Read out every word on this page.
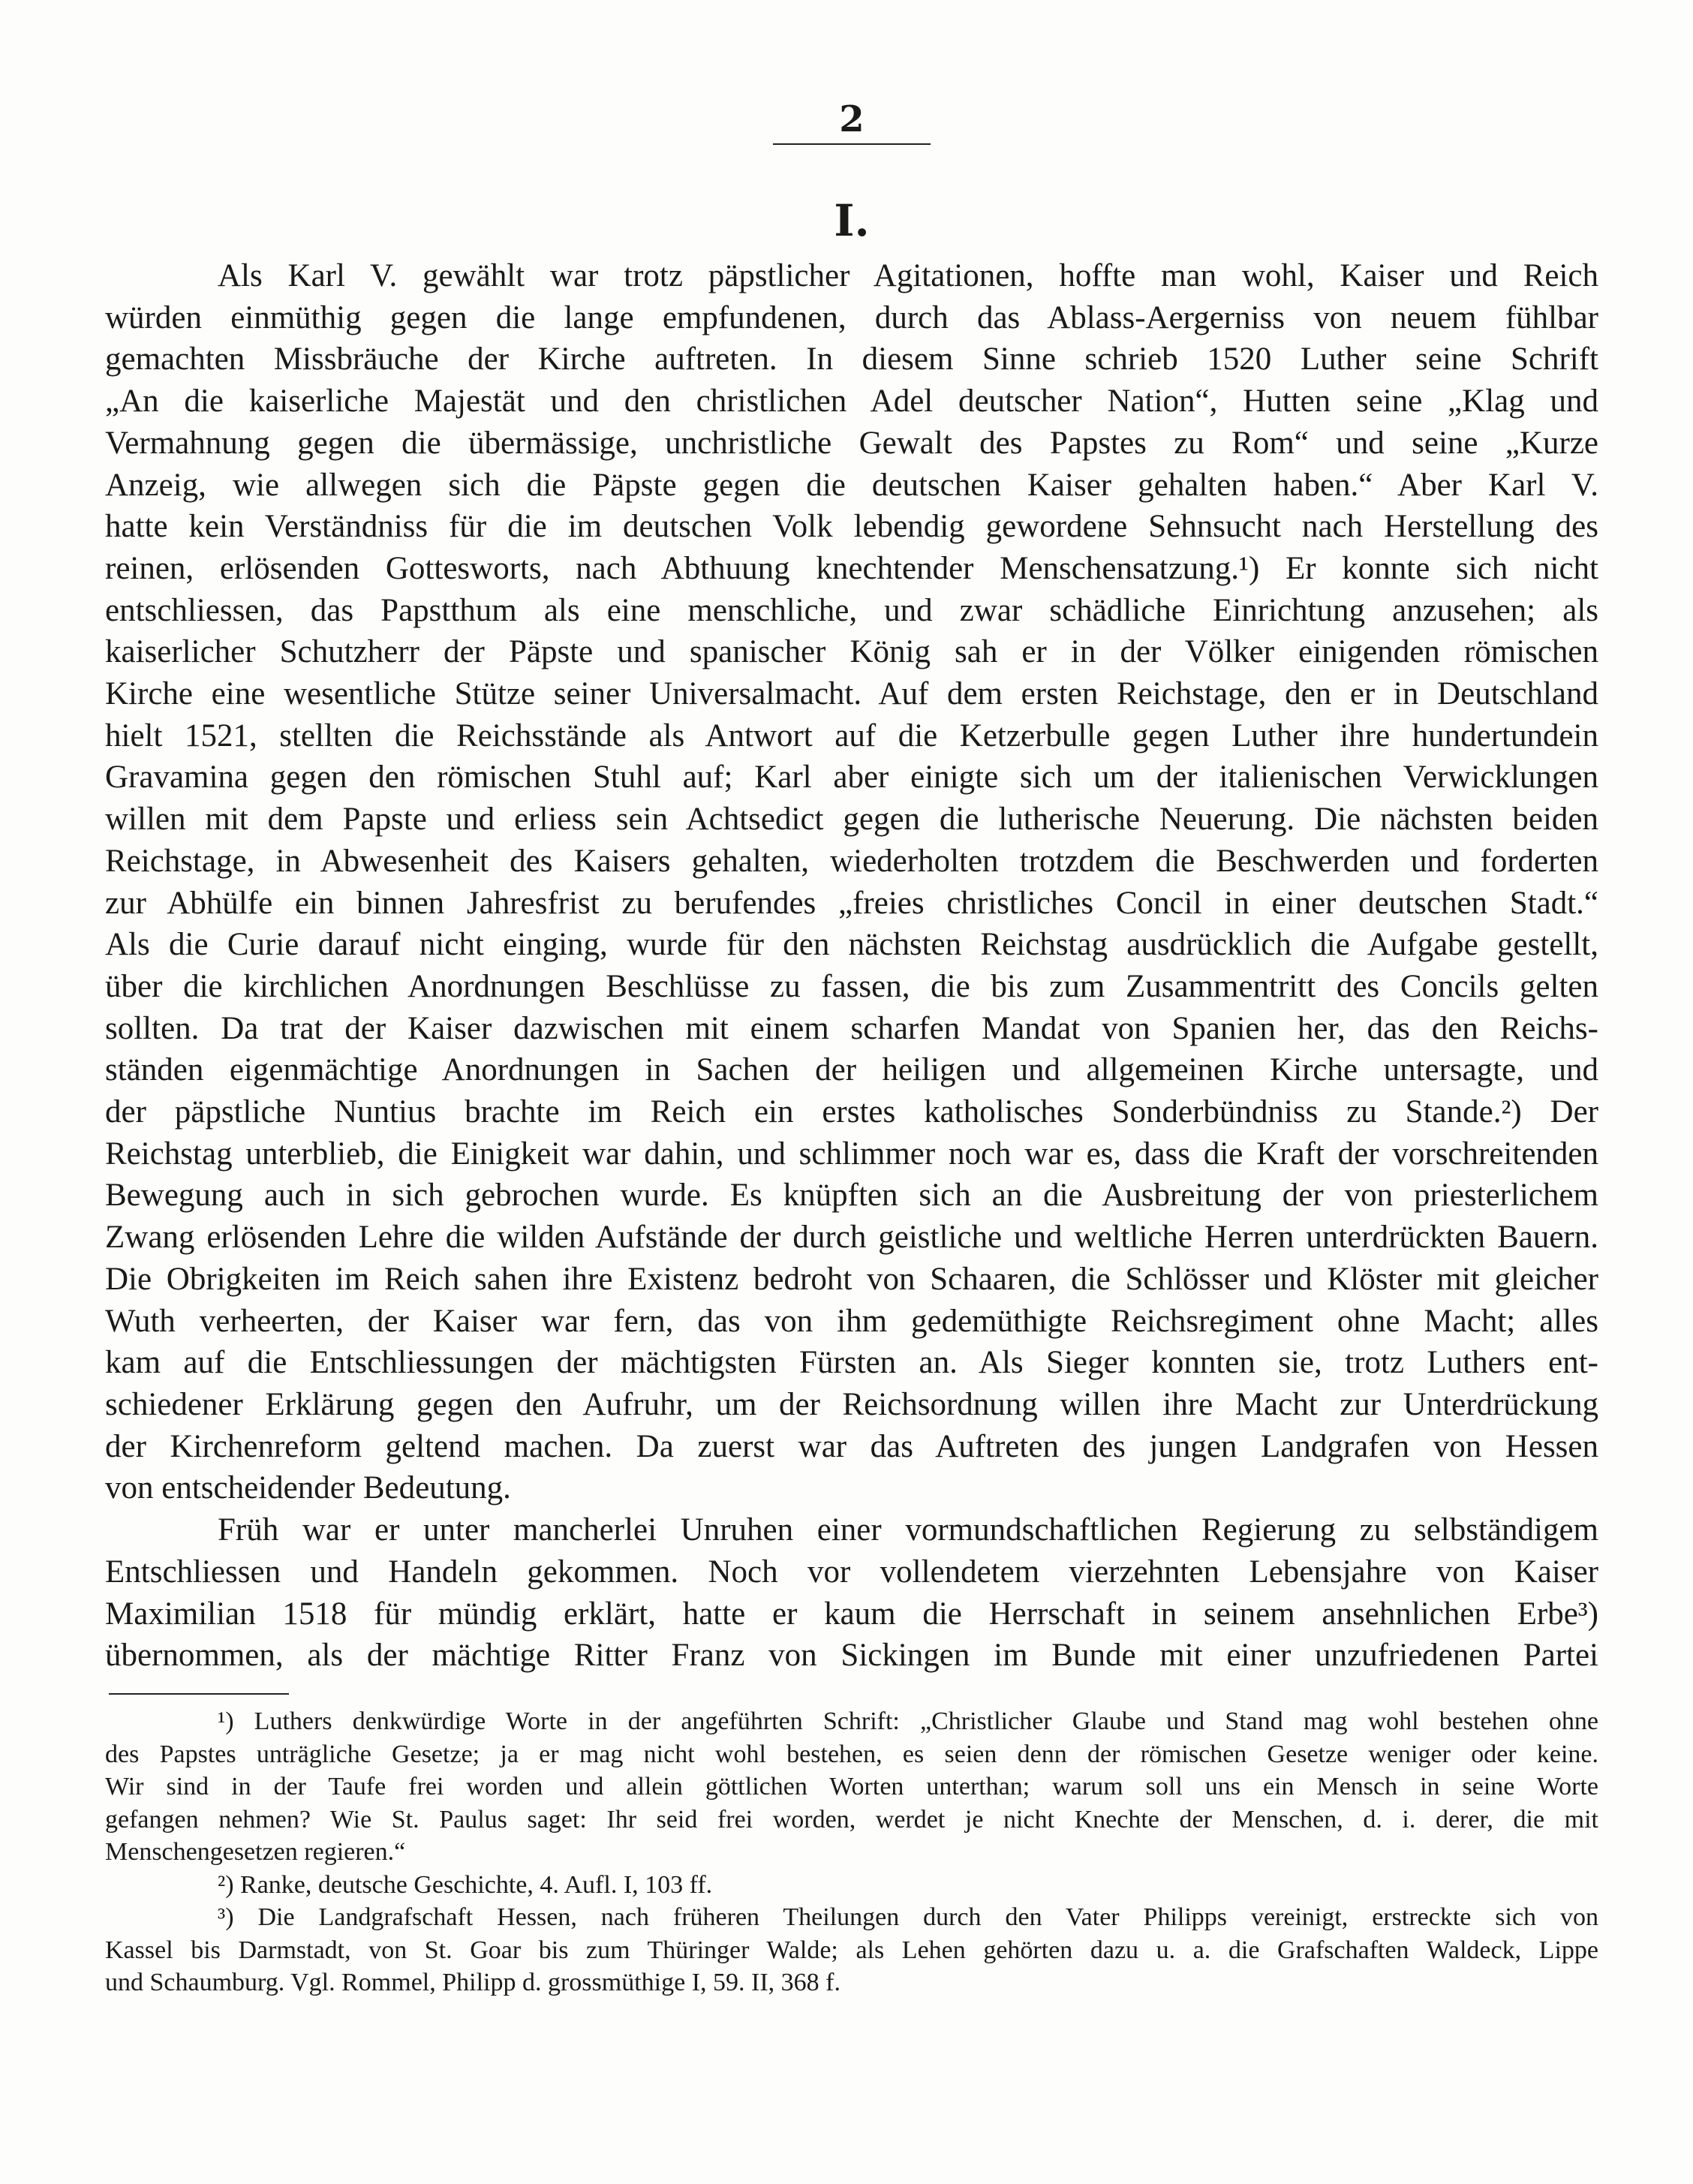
2
I.
Als Karl V. gewählt war trotz päpstlicher Agitationen, hoffte man wohl, Kaiser und Reich
würden einmüthig gegen die lange empfundenen, durch das Ablass-Aergerniss von neuem fühlbar
gemachten Missbräuche der Kirche auftreten. In diesem Sinne schrieb 1520 Luther seine Schrift
„An die kaiserliche Majestät und den christlichen Adel deutscher Nation“, Hutten seine „Klag und
Vermahnung gegen die übermässige, unchristliche Gewalt des Papstes zu Rom“ und seine „Kurze
Anzeig, wie allwegen sich die Päpste gegen die deutschen Kaiser gehalten haben.“ Aber Karl V.
hatte kein Verständniss für die im deutschen Volk lebendig gewordene Sehnsucht nach Herstellung des
reinen, erlösenden Gottesworts, nach Abthuung knechtender Menschensatzung.¹) Er konnte sich nicht
entschliessen, das Papstthum als eine menschliche, und zwar schädliche Einrichtung anzusehen; als
kaiserlicher Schutzherr der Päpste und spanischer König sah er in der Völker einigenden römischen
Kirche eine wesentliche Stütze seiner Universalmacht. Auf dem ersten Reichstage, den er in Deutschland
hielt 1521, stellten die Reichsstände als Antwort auf die Ketzerbulle gegen Luther ihre hundertundein
Gravamina gegen den römischen Stuhl auf; Karl aber einigte sich um der italienischen Verwicklungen
willen mit dem Papste und erliess sein Achtsedict gegen die lutherische Neuerung. Die nächsten beiden
Reichstage, in Abwesenheit des Kaisers gehalten, wiederholten trotzdem die Beschwerden und forderten
zur Abhülfe ein binnen Jahresfrist zu berufendes „freies christliches Concil in einer deutschen Stadt.“
Als die Curie darauf nicht einging, wurde für den nächsten Reichstag ausdrücklich die Aufgabe gestellt,
über die kirchlichen Anordnungen Beschlüsse zu fassen, die bis zum Zusammentritt des Concils gelten
sollten. Da trat der Kaiser dazwischen mit einem scharfen Mandat von Spanien her, das den Reichs-
ständen eigenmächtige Anordnungen in Sachen der heiligen und allgemeinen Kirche untersagte, und
der päpstliche Nuntius brachte im Reich ein erstes katholisches Sonderbündniss zu Stande.²) Der
Reichstag unterblieb, die Einigkeit war dahin, und schlimmer noch war es, dass die Kraft der vorschreitenden
Bewegung auch in sich gebrochen wurde. Es knüpften sich an die Ausbreitung der von priesterlichem
Zwang erlösenden Lehre die wilden Aufstände der durch geistliche und weltliche Herren unterdrückten Bauern.
Die Obrigkeiten im Reich sahen ihre Existenz bedroht von Schaaren, die Schlösser und Klöster mit gleicher
Wuth verheerten, der Kaiser war fern, das von ihm gedemüthigte Reichsregiment ohne Macht; alles
kam auf die Entschliessungen der mächtigsten Fürsten an. Als Sieger konnten sie, trotz Luthers ent-
schiedener Erklärung gegen den Aufruhr, um der Reichsordnung willen ihre Macht zur Unterdrückung
der Kirchenreform geltend machen. Da zuerst war das Auftreten des jungen Landgrafen von Hessen
von entscheidender Bedeutung.
Früh war er unter mancherlei Unruhen einer vormundschaftlichen Regierung zu selbständigem
Entschliessen und Handeln gekommen. Noch vor vollendetem vierzehnten Lebensjahre von Kaiser
Maximilian 1518 für mündig erklärt, hatte er kaum die Herrschaft in seinem ansehnlichen Erbe³)
übernommen, als der mächtige Ritter Franz von Sickingen im Bunde mit einer unzufriedenen Partei
¹) Luthers denkwürdige Worte in der angeführten Schrift: „Christlicher Glaube und Stand mag wohl bestehen ohne
des Papstes unträgliche Gesetze; ja er mag nicht wohl bestehen, es seien denn der römischen Gesetze weniger oder keine.
Wir sind in der Taufe frei worden und allein göttlichen Worten unterthan; warum soll uns ein Mensch in seine Worte
gefangen nehmen? Wie St. Paulus saget: Ihr seid frei worden, werdet je nicht Knechte der Menschen, d. i. derer, die mit
Menschengesetzen regieren.“
²) Ranke, deutsche Geschichte, 4. Aufl. I, 103 ff.
³) Die Landgrafschaft Hessen, nach früheren Theilungen durch den Vater Philipps vereinigt, erstreckte sich von
Kassel bis Darmstadt, von St. Goar bis zum Thüringer Walde; als Lehen gehörten dazu u. a. die Grafschaften Waldeck, Lippe
und Schaumburg. Vgl. Rommel, Philipp d. grossmüthige I, 59. II, 368 f.
